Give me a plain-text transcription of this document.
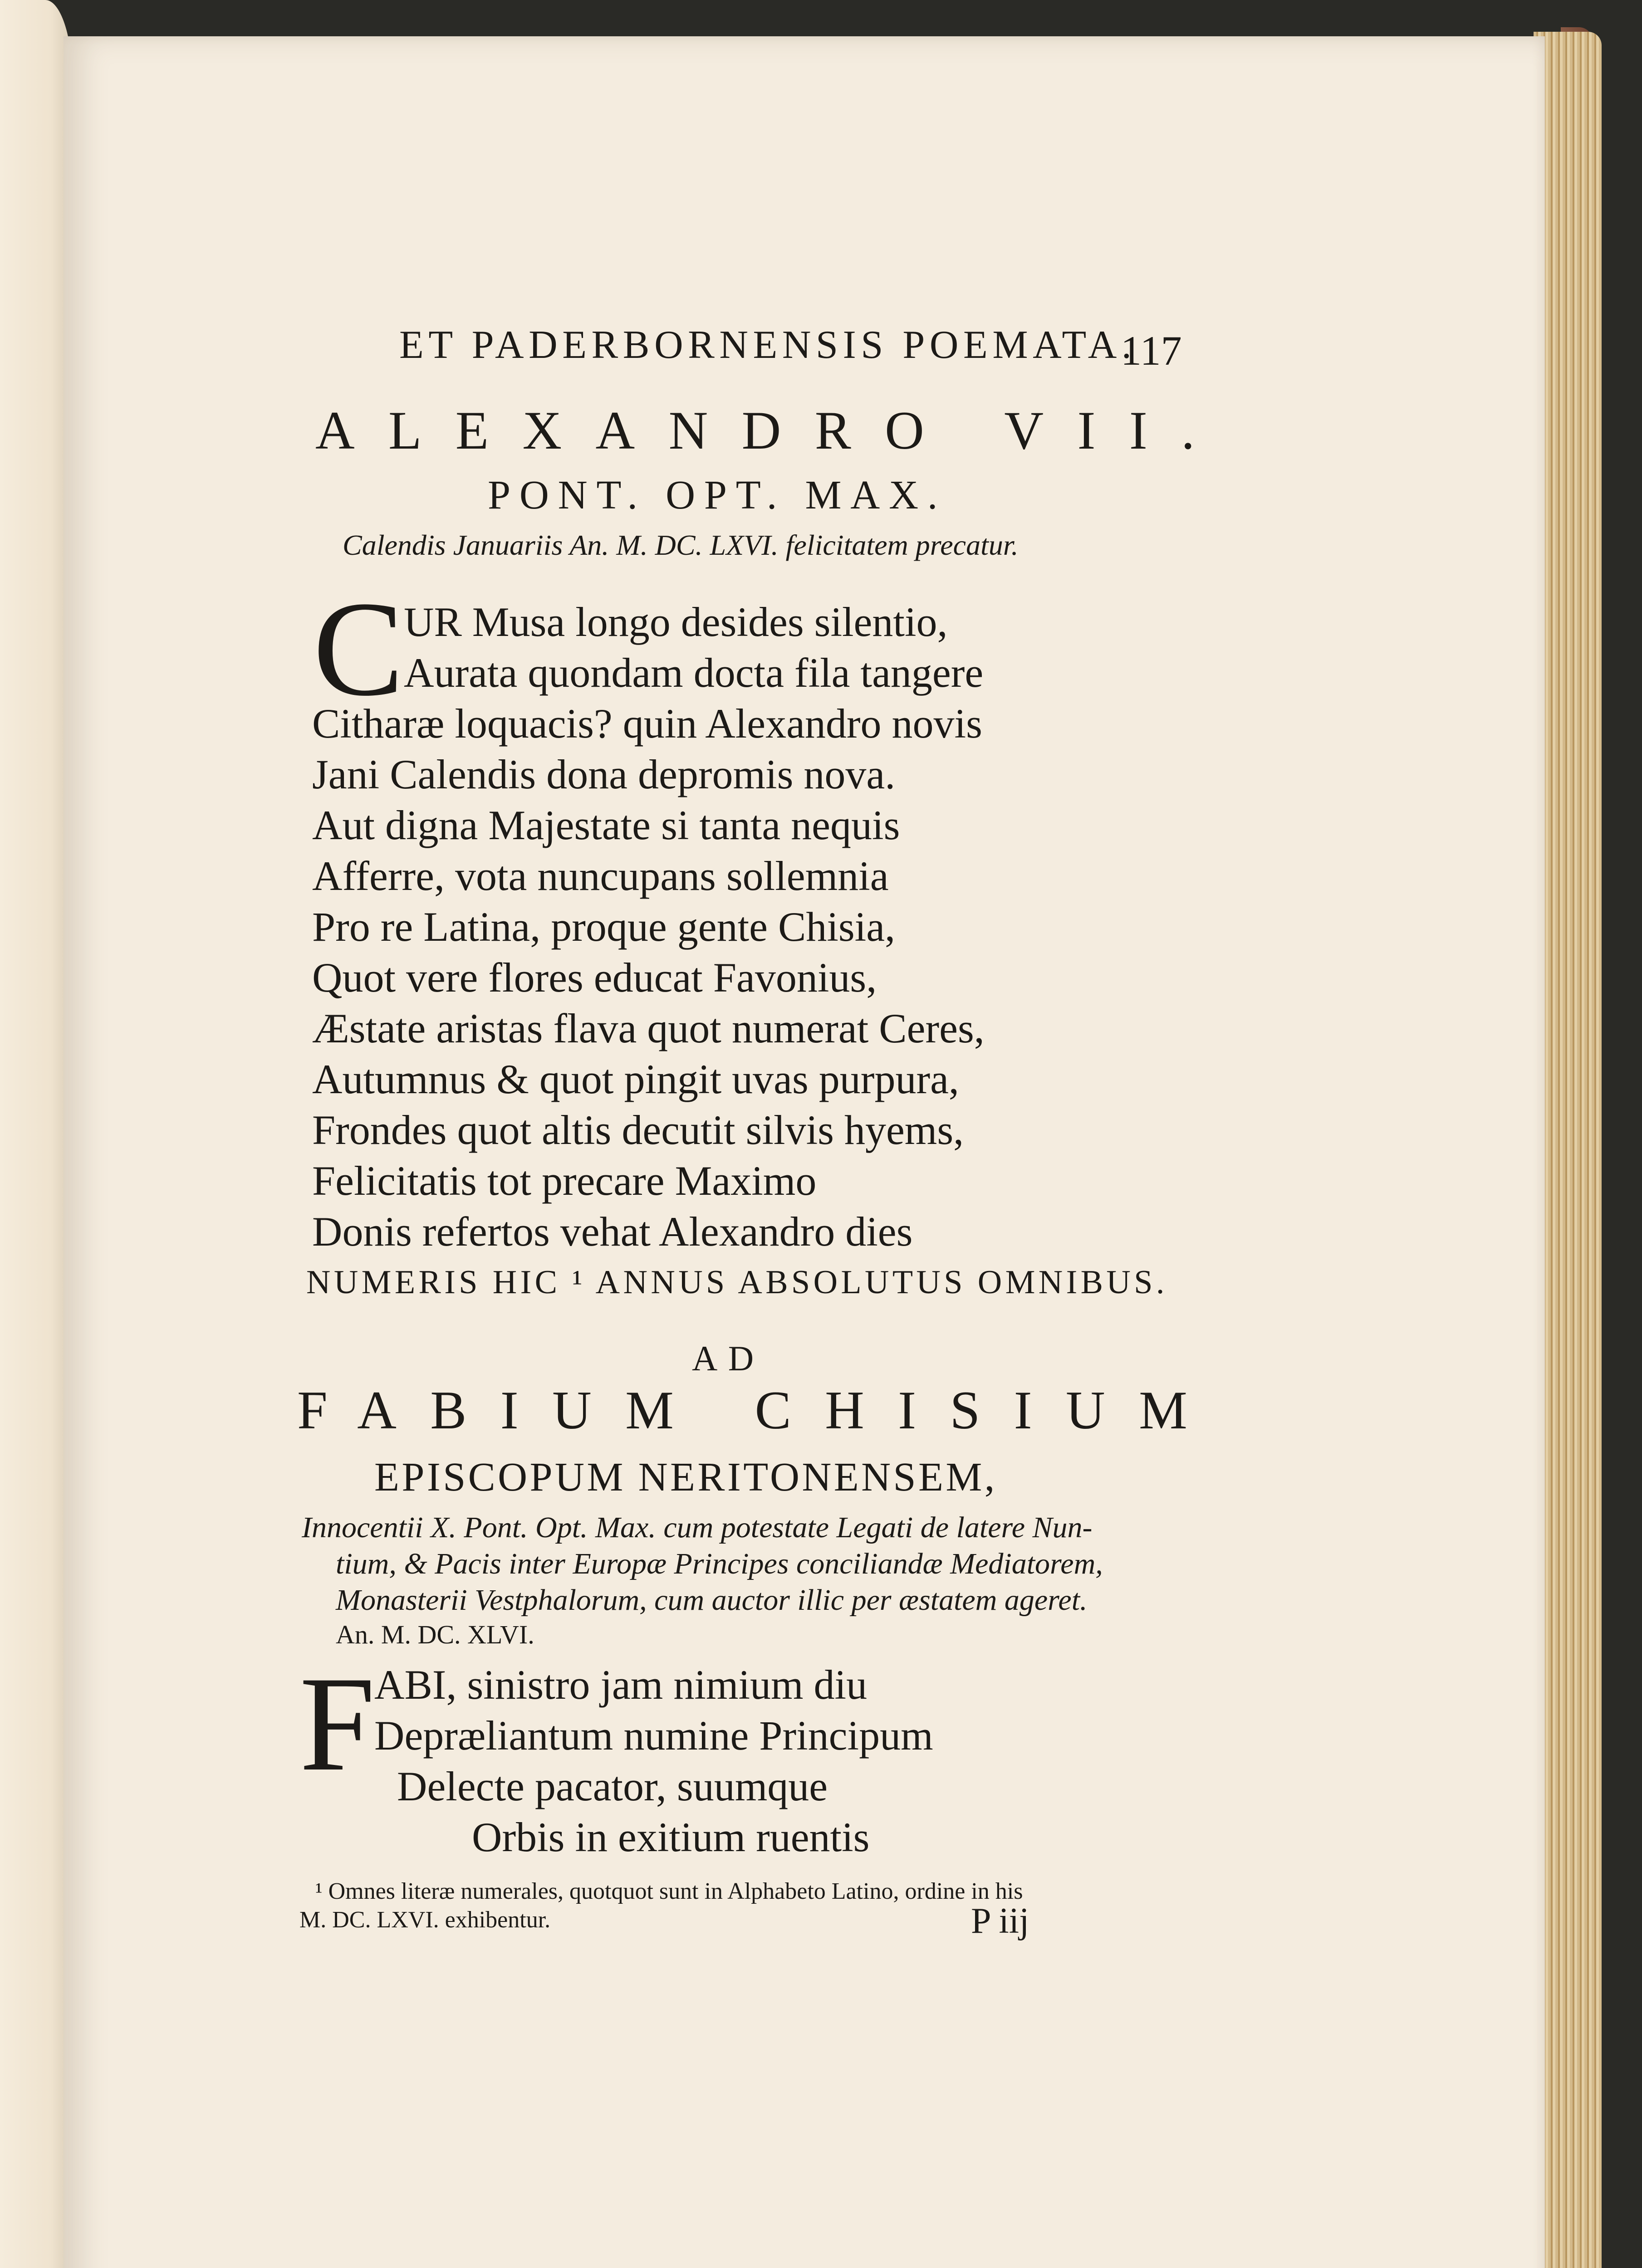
ET PADERBORNENSIS POEMATA.
117
ALEXANDRO VII.
PONT. OPT. MAX.
Calendis Januariis An. M. DC. LXVI. felicitatem precatur.
C UR Musa longo desides silentio,
Aurata quondam docta fila tangere
Citharæ loquacis? quin Alexandro novis
Jani Calendis dona depromis nova.
Aut digna Majestate si tanta nequis
Afferre, vota nuncupans sollemnia
Pro re Latina, proque gente Chisia,
Quot vere flores educat Favonius,
Æstate aristas flava quot numerat Ceres,
Autumnus & quot pingit uvas purpura,
Frondes quot altis decutit silvis hyems,
Felicitatis tot precare Maximo
Donis refertos vehat Alexandro dies
NUMERIS HIC ¹ ANNUS ABSOLUTUS OMNIBUS.
AD
FABIUM CHISIUM
EPISCOPUM NERITONENSEM,
Innocentii X. Pont. Opt. Max. cum potestate Legati de latere Nun-
tium, & Pacis inter Europæ Principes conciliandæ Mediatorem,
Monasterii Vestphalorum, cum auctor illic per æstatem ageret.
An. M. DC. XLVI.
F
ABI, sinistro jam nimium diu
Depræliantum numine Principum
Delecte pacator, suumque
Orbis in exitium ruentis
¹ Omnes literæ numerales, quotquot sunt in Alphabeto Latino, ordine in his
M. DC. LXVI. exhibentur.	P iij
